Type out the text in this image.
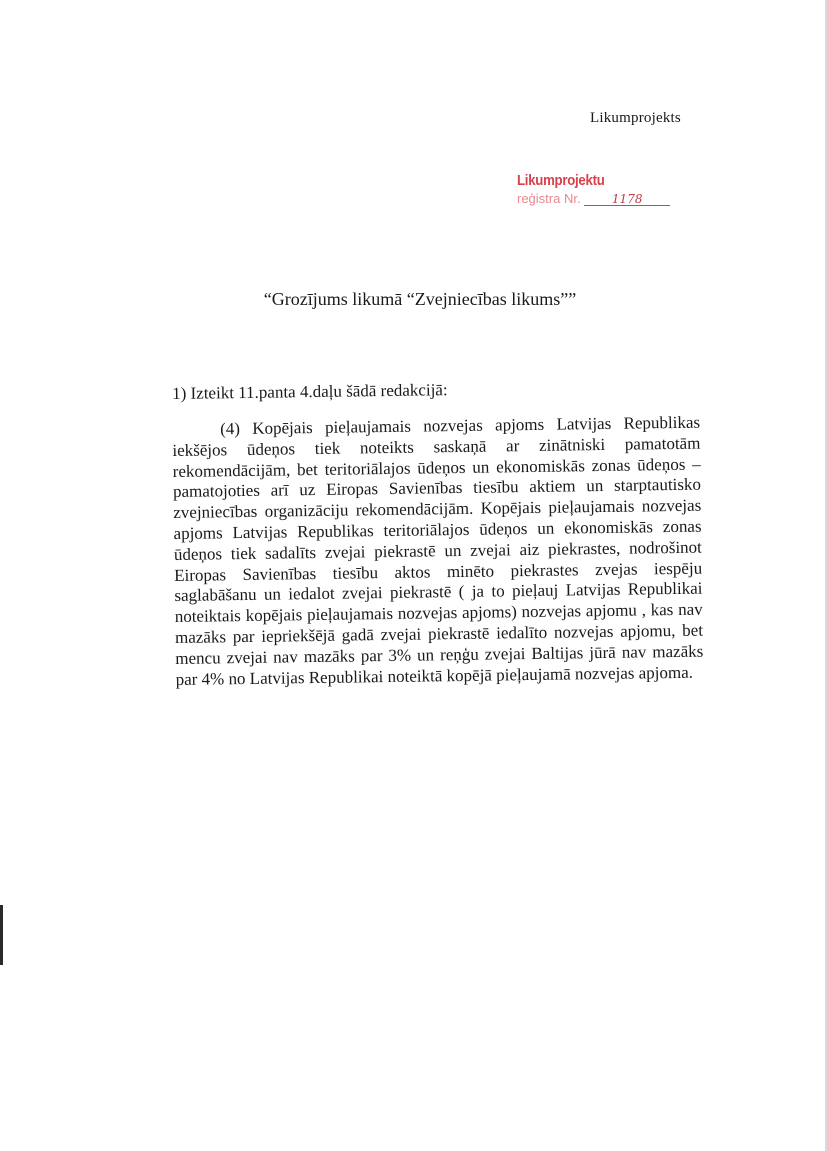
Likumprojekts
Likumprojektu
reģistra Nr.	1178
“Grozījums likumā “Zvejniecības likums””
1) Izteikt 11.panta 4.daļu šādā redakcijā:
(4) Kopējais pieļaujamais nozvejas apjoms Latvijas Republikas iekšējos ūdeņos tiek noteikts saskaņā ar zinātniski pamatotām rekomendācijām, bet teritoriālajos ūdeņos un ekonomiskās zonas ūdeņos – pamatojoties arī uz Eiropas Savienības tiesību aktiem un starptautisko zvejniecības organizāciju rekomendācijām. Kopējais pieļaujamais nozvejas apjoms Latvijas Republikas teritoriālajos ūdeņos un ekonomiskās zonas ūdeņos tiek sadalīts zvejai piekrastē un zvejai aiz piekrastes, nodrošinot Eiropas Savienības tiesību aktos minēto piekrastes zvejas iespēju saglabāšanu un iedalot zvejai piekrastē ( ja to pieļauj Latvijas Republikai noteiktais kopējais pieļaujamais nozvejas apjoms) nozvejas apjomu , kas nav mazāks par iepriekšējā gadā zvejai piekrastē iedalīto nozvejas apjomu, bet mencu zvejai nav mazāks par 3% un reņģu zvejai Baltijas jūrā nav mazāks par 4% no Latvijas Republikai noteiktā kopējā pieļaujamā nozvejas apjoma.
